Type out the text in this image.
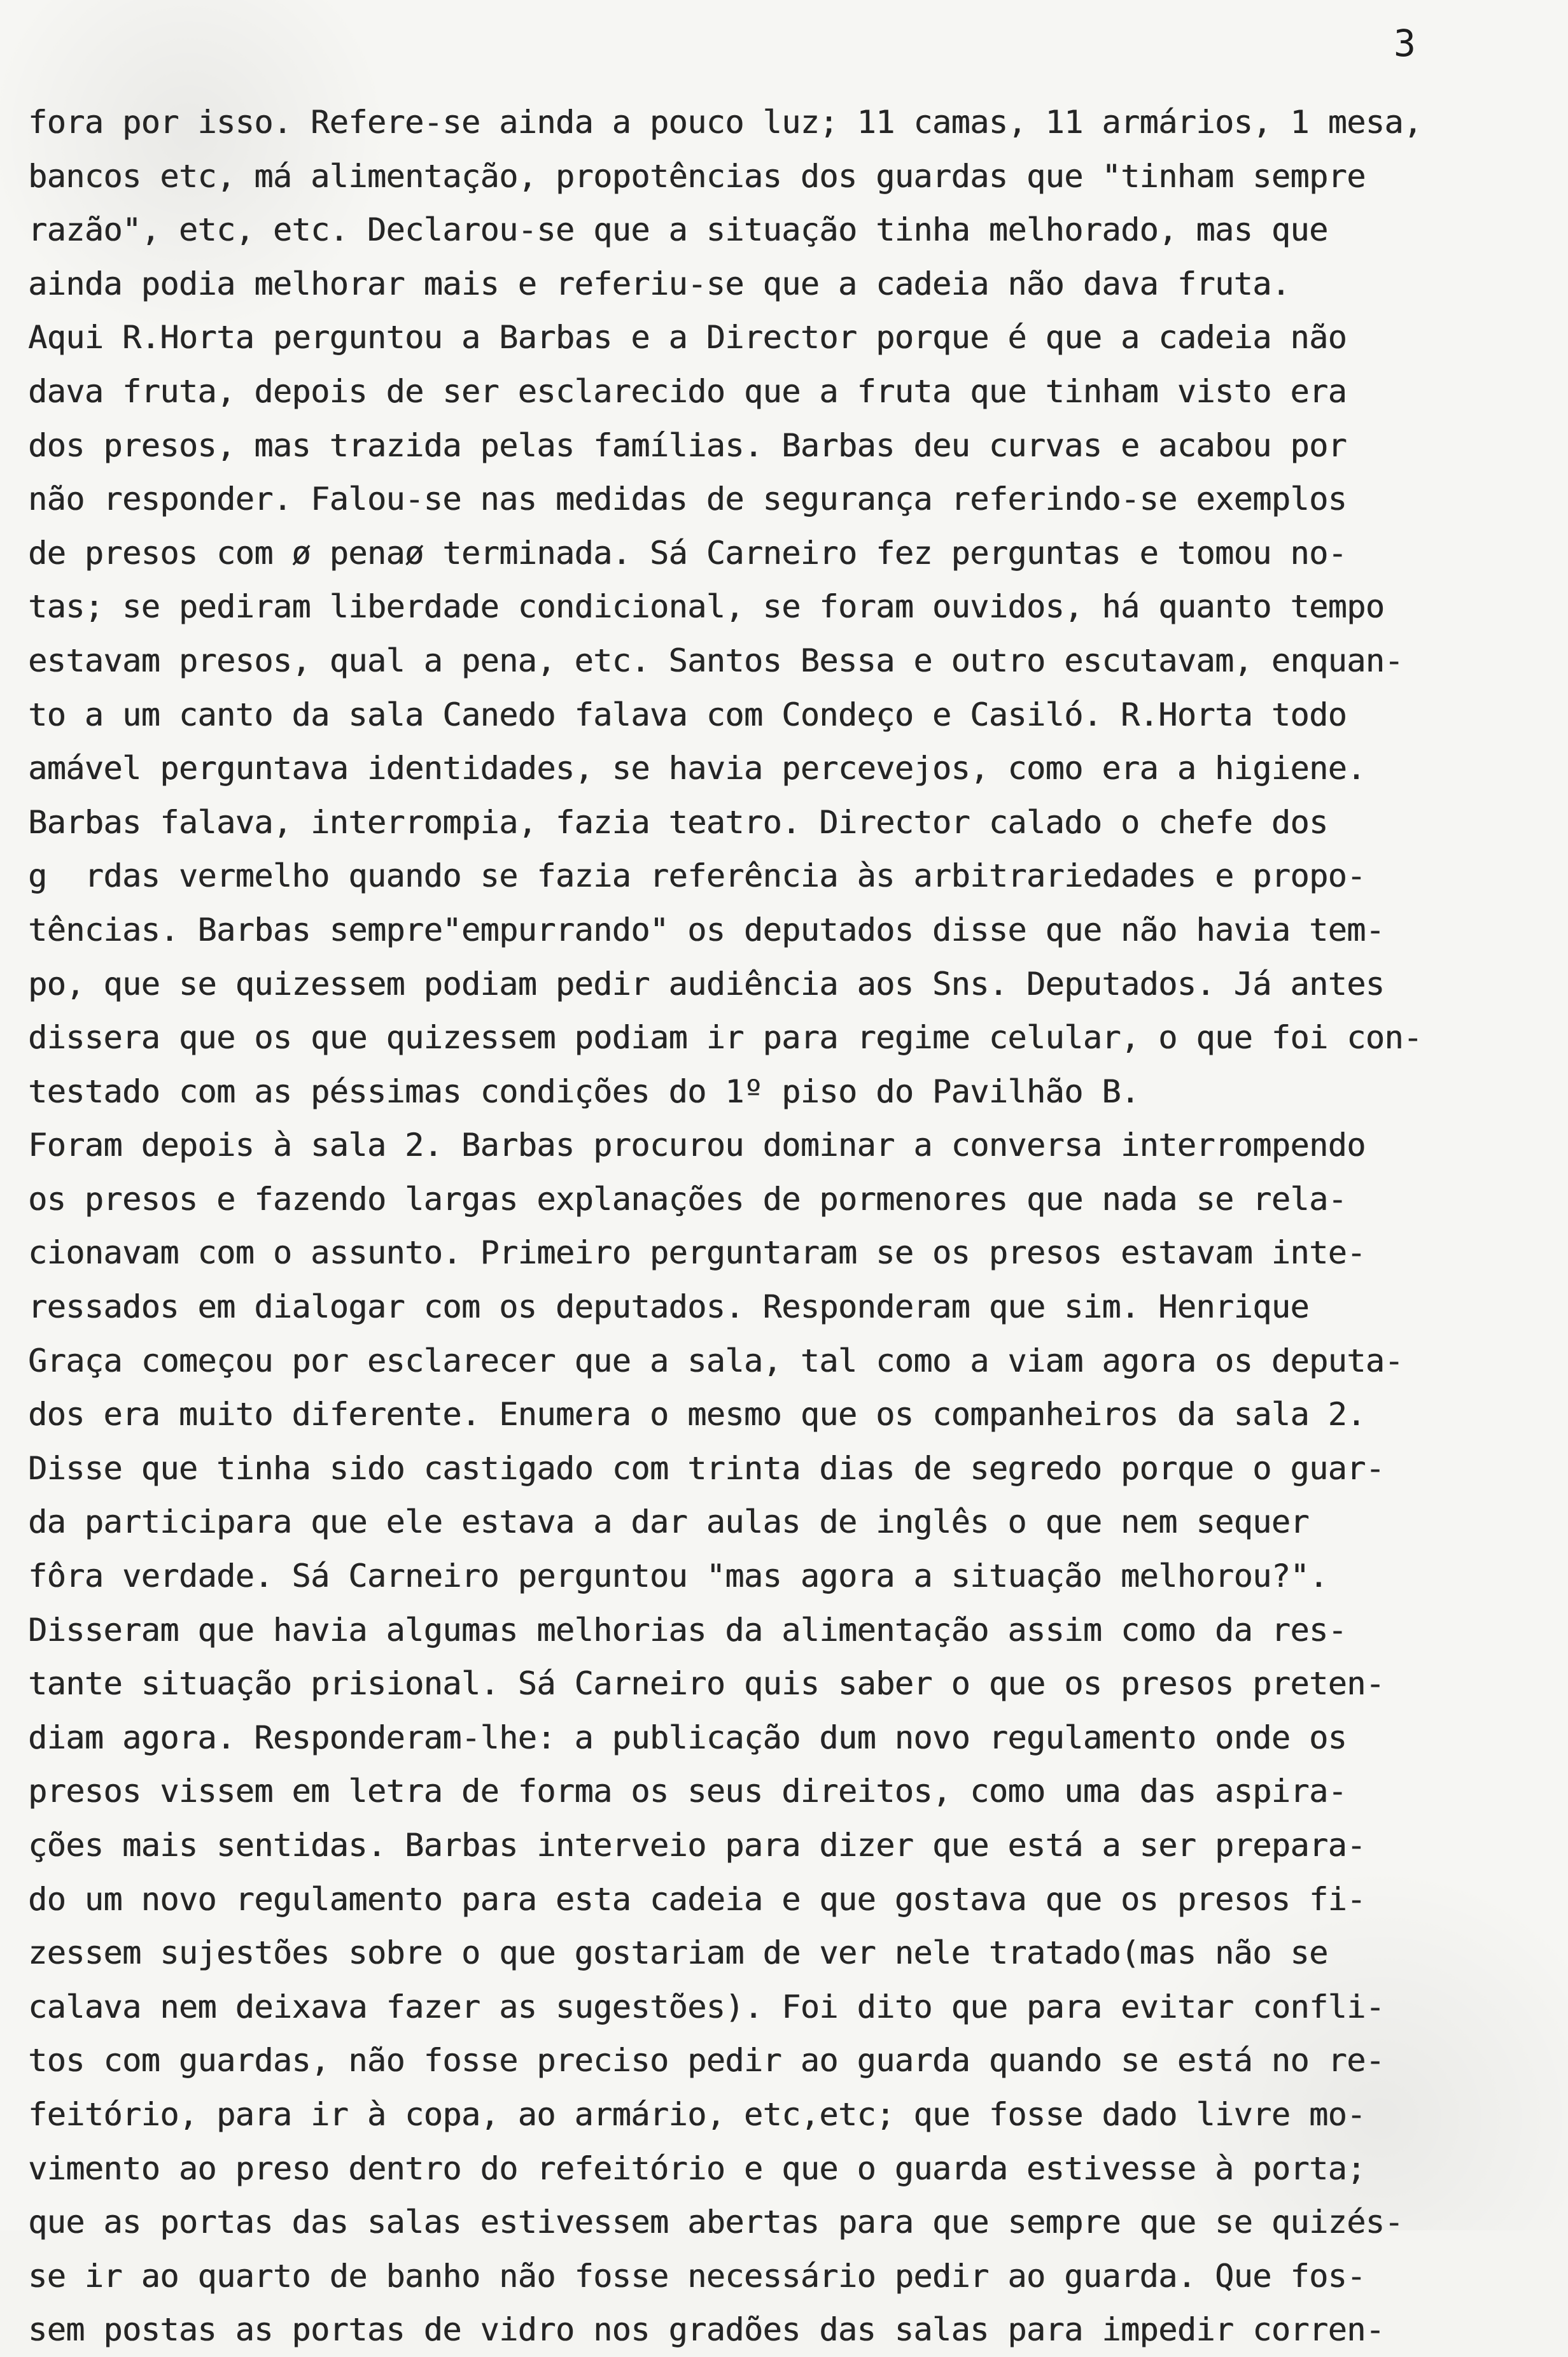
3

fora por isso. Refere-se ainda a pouco luz; 11 camas, 11 armários, 1 mesa,

bancos etc, má alimentação, propotências dos guardas que "tinham sempre

razão", etc, etc. Declarou-se que a situação tinha melhorado, mas que

ainda podia melhorar mais e referiu-se que a cadeia não dava fruta.

Aqui R.Horta perguntou a Barbas e a Director porque é que a cadeia não

dava fruta, depois de ser esclarecido que a fruta que tinham visto era

dos presos, mas trazida pelas famílias. Barbas deu curvas e acabou por

não responder. Falou-se nas medidas de segurança referindo-se exemplos

de presos com ø penaø terminada. Sá Carneiro fez perguntas e tomou no-

tas; se pediram liberdade condicional, se foram ouvidos, há quanto tempo

estavam presos, qual a pena, etc. Santos Bessa e outro escutavam, enquan-

to a um canto da sala Canedo falava com Condeço e Casiló. R.Horta todo

amável perguntava identidades, se havia percevejos, como era a higiene.

Barbas falava, interrompia, fazia teatro. Director calado o chefe dos

g  rdas vermelho quando se fazia referência às arbitrariedades e propo-

tências. Barbas sempre"empurrando" os deputados disse que não havia tem-

po, que se quizessem podiam pedir audiência aos Sns. Deputados. Já antes

dissera que os que quizessem podiam ir para regime celular, o que foi con-

testado com as péssimas condições do 1º piso do Pavilhão B.

Foram depois à sala 2. Barbas procurou dominar a conversa interrompendo

os presos e fazendo largas explanações de pormenores que nada se rela-

cionavam com o assunto. Primeiro perguntaram se os presos estavam inte-

ressados em dialogar com os deputados. Responderam que sim. Henrique

Graça começou por esclarecer que a sala, tal como a viam agora os deputa-

dos era muito diferente. Enumera o mesmo que os companheiros da sala 2.

Disse que tinha sido castigado com trinta dias de segredo porque o guar-

da participara que ele estava a dar aulas de inglês o que nem sequer

fôra verdade. Sá Carneiro perguntou "mas agora a situação melhorou?".

Disseram que havia algumas melhorias da alimentação assim como da res-

tante situação prisional. Sá Carneiro quis saber o que os presos preten-

diam agora. Responderam-lhe: a publicação dum novo regulamento onde os

presos vissem em letra de forma os seus direitos, como uma das aspira-

ções mais sentidas. Barbas interveio para dizer que está a ser prepara-

do um novo regulamento para esta cadeia e que gostava que os presos fi-

zessem sujestões sobre o que gostariam de ver nele tratado(mas não se

calava nem deixava fazer as sugestões). Foi dito que para evitar confli-

tos com guardas, não fosse preciso pedir ao guarda quando se está no re-

feitório, para ir à copa, ao armário, etc,etc; que fosse dado livre mo-

vimento ao preso dentro do refeitório e que o guarda estivesse à porta;

que as portas das salas estivessem abertas para que sempre que se quizés-

se ir ao quarto de banho não fosse necessário pedir ao guarda. Que fos-

sem postas as portas de vidro nos gradões das salas para impedir corren-
